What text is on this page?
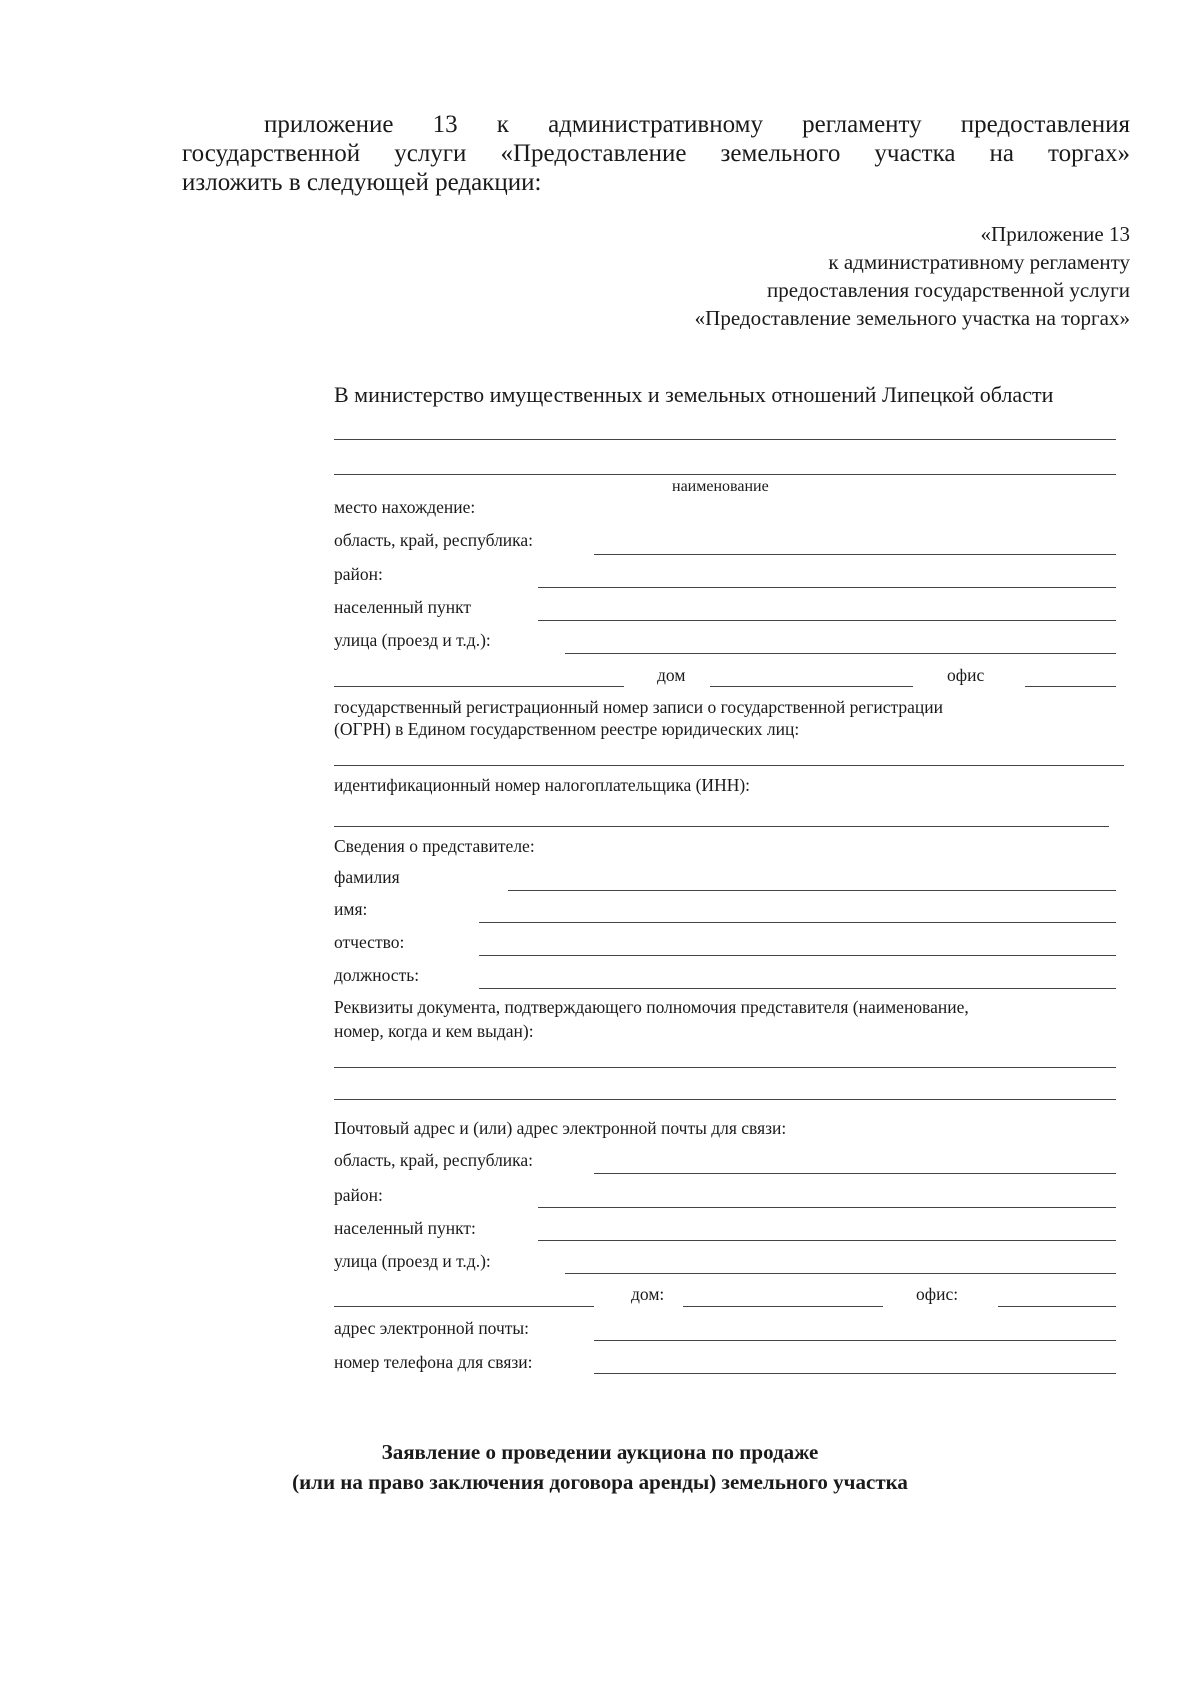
приложение 13 к административному регламенту предоставления
государственной услуги «Предоставление земельного участка на торгах»
изложить в следующей редакции:
«Приложение 13
к административному регламенту
предоставления государственной услуги
«Предоставление земельного участка на торгах»
В министерство имущественных и земельных отношений Липецкой области
наименование
место нахождение:
область, край, республика:
район:
населенный пункт
улица (проезд и т.д.):
дом	офис
государственный регистрационный номер записи о государственной регистрации
(ОГРН) в Едином государственном реестре юридических лиц:
идентификационный номер налогоплательщика (ИНН):
Сведения о представителе:
фамилия
имя:
отчество:
должность:
Реквизиты документа, подтверждающего полномочия представителя (наименование,
номер, когда и кем выдан):
Почтовый адрес и (или) адрес электронной почты для связи:
область, край, республика:
район:
населенный пункт:
улица (проезд и т.д.):
дом:	офис:
адрес электронной почты:
номер телефона для связи:
Заявление о проведении аукциона по продаже
(или на право заключения договора аренды) земельного участка
